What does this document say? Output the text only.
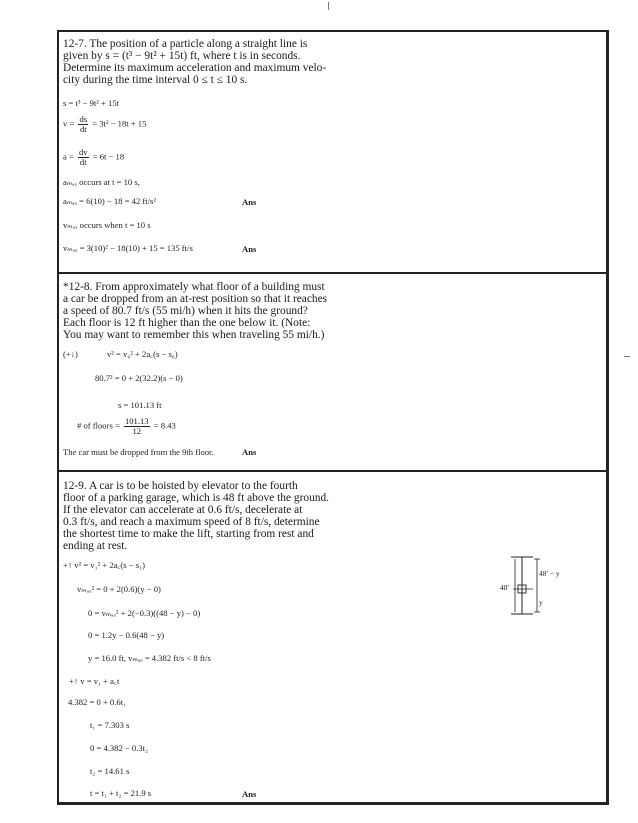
12-7. The position of a particle along a straight line is
given by s = (t³ − 9t² + 15t) ft, where t is in seconds.
Determine its maximum acceleration and maximum velo-
city during the time interval 0 ≤ t ≤ 10 s.
s = t³ − 9t² + 15t
$v = \frac{ds}{dt} = 3t^2 - 18t + 15$
$a = \frac{dv}{dt} = 6t - 18$
aₘₐₓ occurs at t = 10 s,
aₘₐₓ = 6(10) − 18 = 42 ft/s²	Ans
vₘₐₓ occurs when t = 10 s
vₘₐₓ = 3(10)² − 18(10) + 15 = 135 ft/s	Ans
*12-8. From approximately what floor of a building must
a car be dropped from an at-rest position so that it reaches
a speed of 80.7 ft/s (55 mi/h) when it hits the ground?
Each floor is 12 ft higher than the one below it. (Note:
You may want to remember this when traveling 55 mi/h.)
(+↓)	v² = v₀² + 2a꜀(s − s₀)
80.7² = 0 + 2(32.2)(s − 0)
s = 101.13 ft
# of floors = $\frac{101.13}{12} = 8.43$
The car must be dropped from the 9th floor.	Ans
12-9. A car is to be hoisted by elevator to the fourth
floor of a parking garage, which is 48 ft above the ground.
If the elevator can accelerate at 0.6 ft/s, decelerate at
0.3 ft/s, and reach a maximum speed of 8 ft/s, determine
the shortest time to make the lift, starting from rest and
ending at rest.
+↑ v² = v₁² + 2a꜀(s − s₁)
vₘₐₓ² = 0 + 2(0.6)(y − 0)
0 = vₘₐₓ² + 2(−0.3)((48 − y) − 0)
0 = 1.2y − 0.6(48 − y)
y = 16.0 ft, vₘₐₓ = 4.382 ft/s < 8 ft/s
+↑ v = v₁ + a꜀t
4.382 = 0 + 0.6t₁
t₁ = 7.303 s
0 = 4.382 − 0.3t₂
t₂ = 14.61 s
t = t₁ + t₂ = 21.9 s	Ans
48'
48' − y
y
